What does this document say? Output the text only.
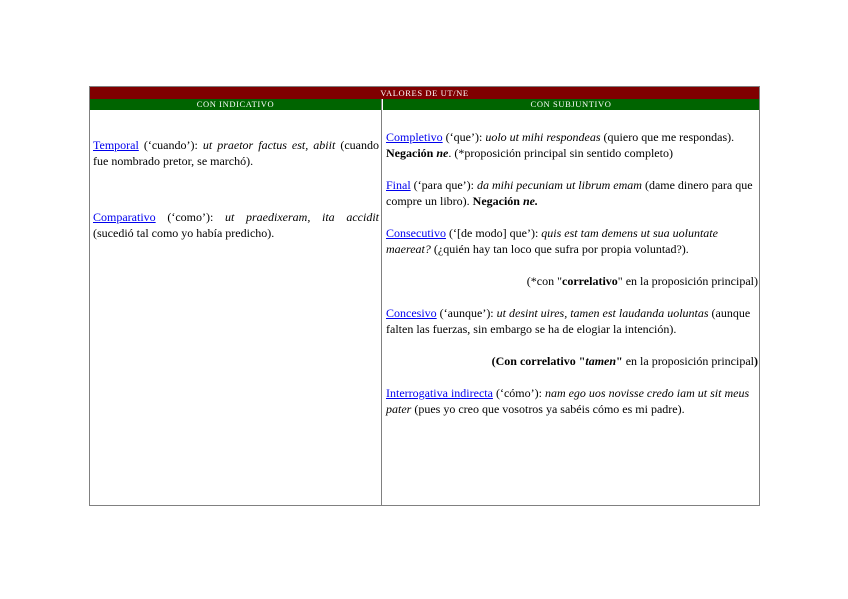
VALORES DE UT/NE
CON INDICATIVO	CON SUBJUNTIVO

Temporal (‘cuando’): ut praetor factus est, abiit (cuando fue nombrado pretor, se marchó).

Comparativo (‘como’): ut praedixeram, ita accidit (sucedió tal como yo había predicho).

Completivo (‘que’): uolo ut mihi respondeas (quiero que me respondas). Negación ne. (*proposición principal sin sentido completo)

Final (‘para que’): da mihi pecuniam ut librum emam (dame dinero para que compre un libro). Negación ne.

Consecutivo (‘[de modo] que’): quis est tam demens ut sua uoluntate maereat? (¿quién hay tan loco que sufra por propia voluntad?).

(*con "correlativo" en la proposición principal)

Concesivo (‘aunque’): ut desint uires, tamen est laudanda uoluntas (aunque falten las fuerzas, sin embargo se ha de elogiar la intención).

(Con correlativo "tamen" en la proposición principal)

Interrogativa indirecta (‘cómo’): nam ego uos novisse credo iam ut sit meus pater (pues yo creo que vosotros ya sabéis cómo es mi padre).
